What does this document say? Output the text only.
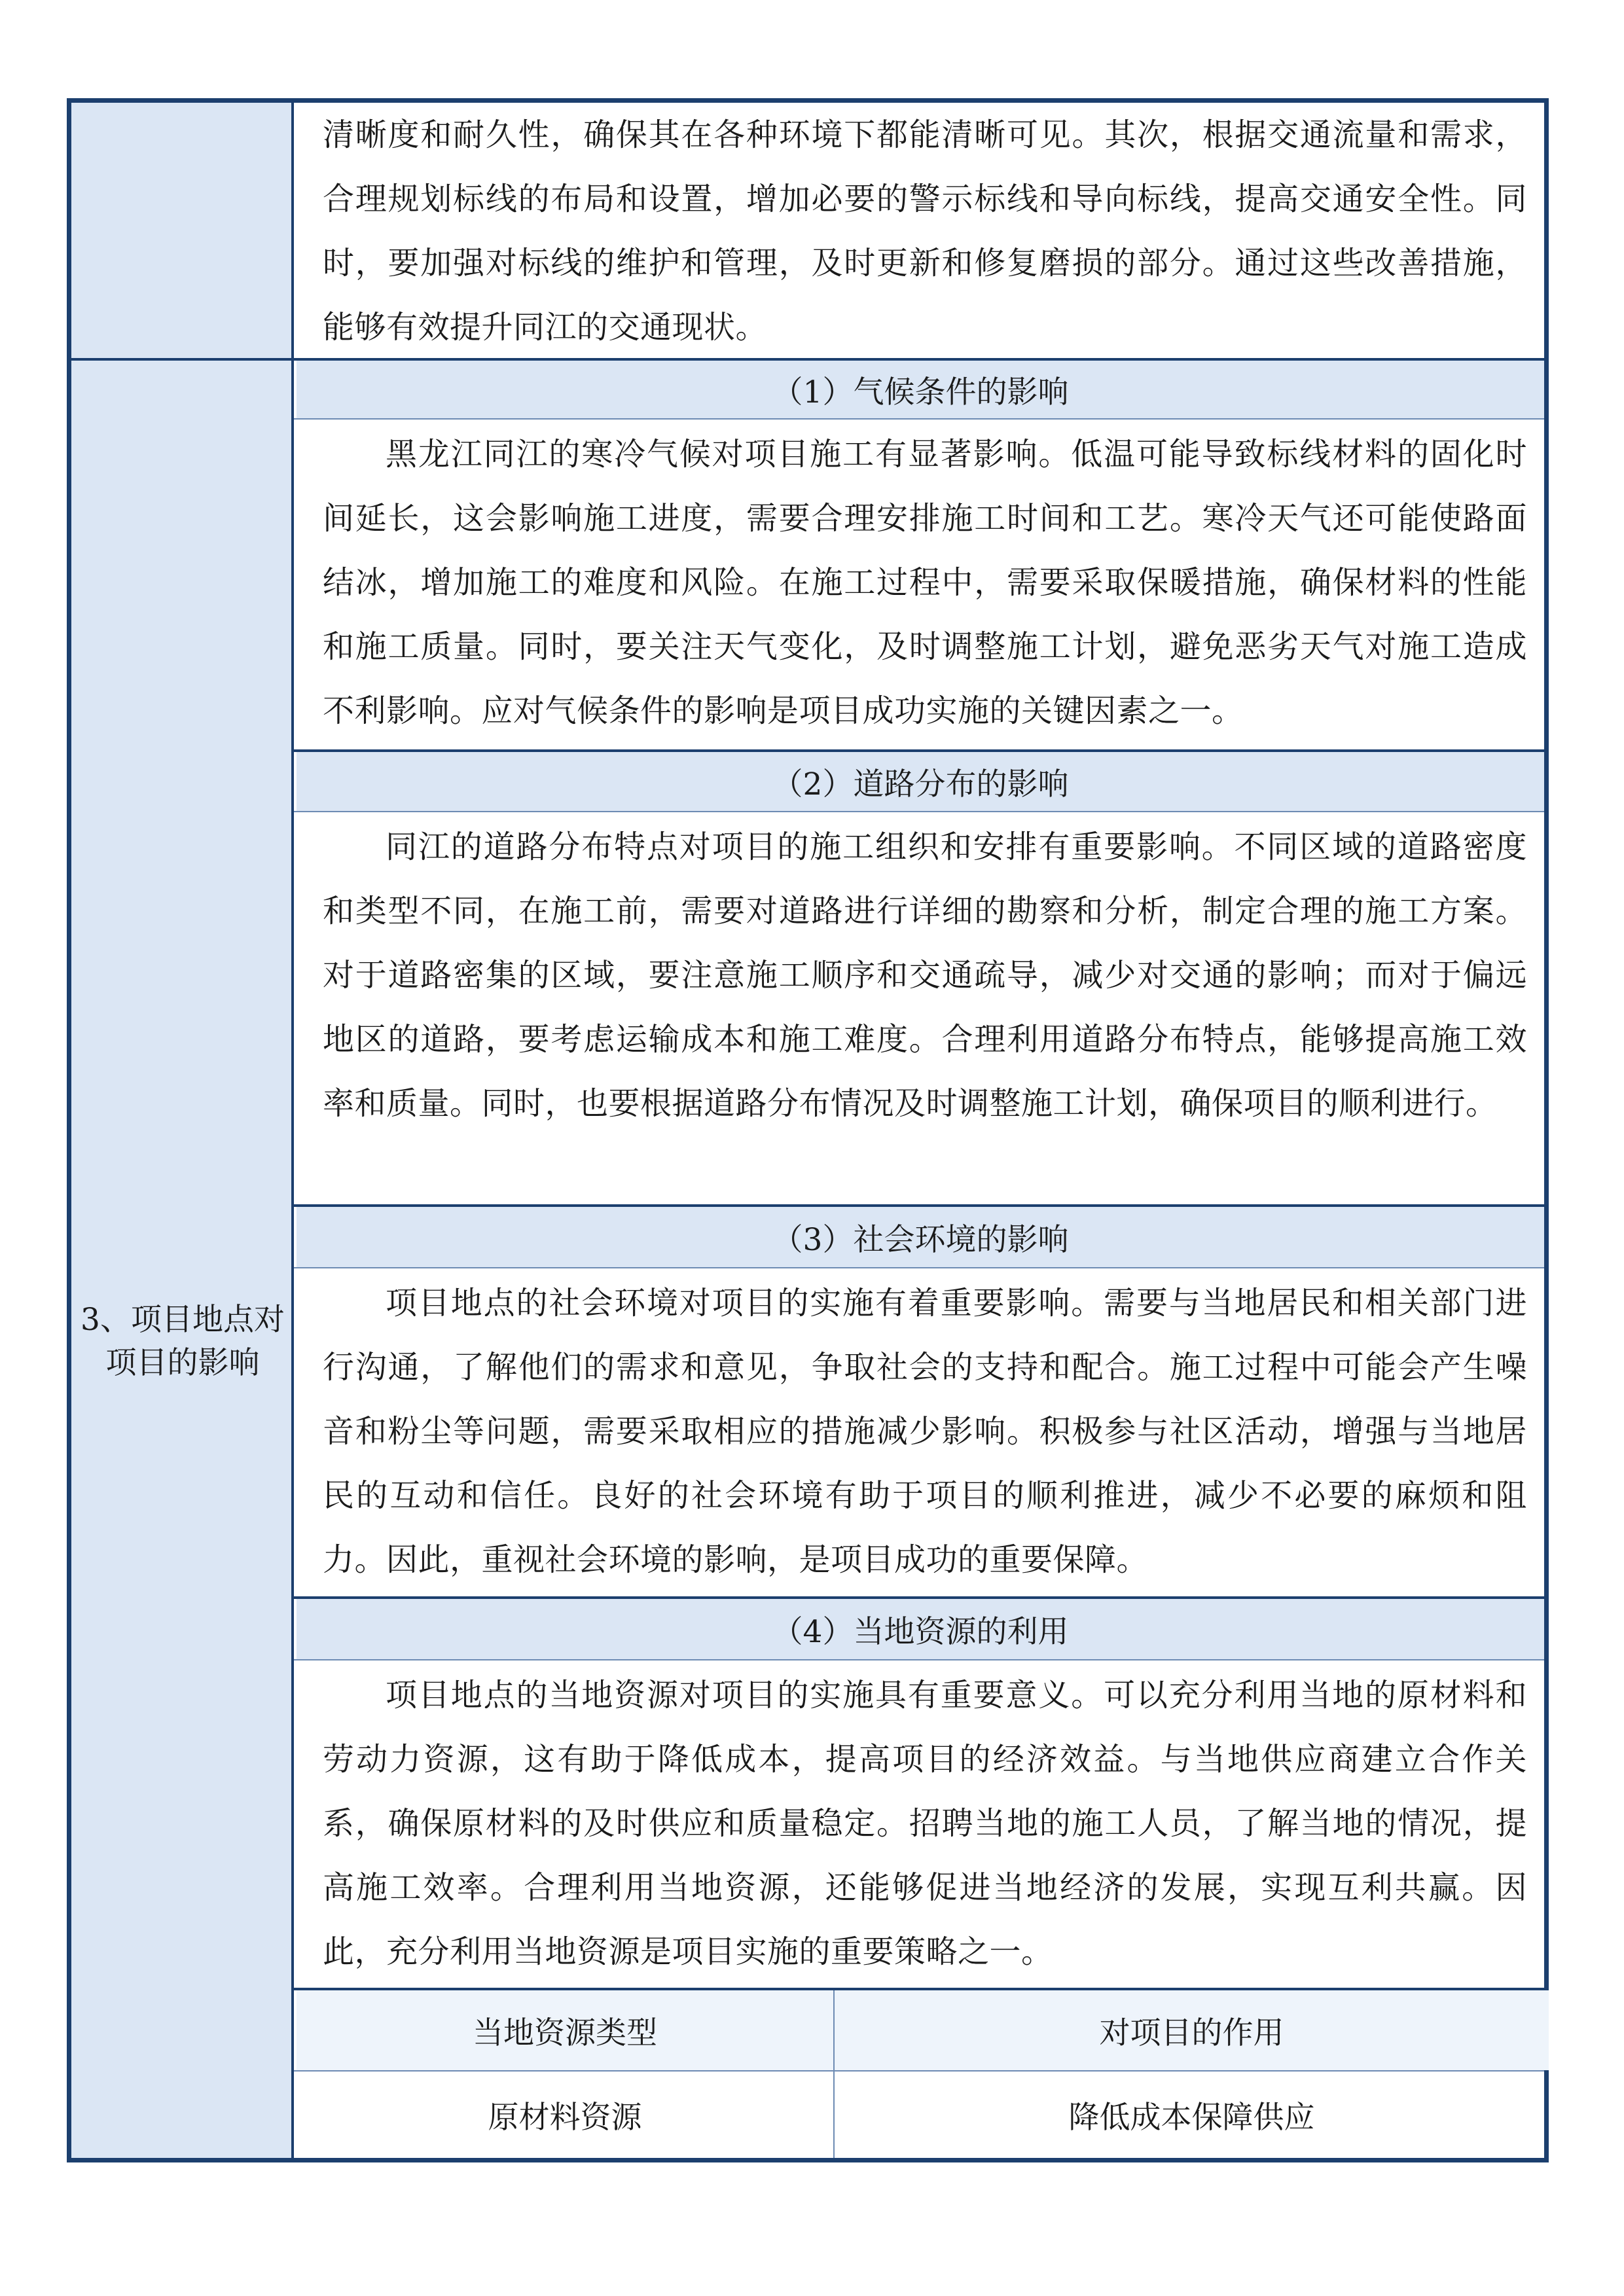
3、项目地点对项目的影响
清晰度和耐久性，确保其在各种环境下都能清晰可见。其次，根据交通流量和需求，合理规划标线的布局和设置，增加必要的警示标线和导向标线，提高交通安全性。同时，要加强对标线的维护和管理，及时更新和修复磨损的部分。通过这些改善措施，能够有效提升同江的交通现状。
（1）气候条件的影响
黑龙江同江的寒冷气候对项目施工有显著影响。低温可能导致标线材料的固化时间延长，这会影响施工进度，需要合理安排施工时间和工艺。寒冷天气还可能使路面结冰，增加施工的难度和风险。在施工过程中，需要采取保暖措施，确保材料的性能和施工质量。同时，要关注天气变化，及时调整施工计划，避免恶劣天气对施工造成不利影响。应对气候条件的影响是项目成功实施的关键因素之一。
（2）道路分布的影响
同江的道路分布特点对项目的施工组织和安排有重要影响。不同区域的道路密度和类型不同，在施工前，需要对道路进行详细的勘察和分析，制定合理的施工方案。对于道路密集的区域，要注意施工顺序和交通疏导，减少对交通的影响；而对于偏远地区的道路，要考虑运输成本和施工难度。合理利用道路分布特点，能够提高施工效率和质量。同时，也要根据道路分布情况及时调整施工计划，确保项目的顺利进行。
（3）社会环境的影响
项目地点的社会环境对项目的实施有着重要影响。需要与当地居民和相关部门进行沟通，了解他们的需求和意见，争取社会的支持和配合。施工过程中可能会产生噪音和粉尘等问题，需要采取相应的措施减少影响。积极参与社区活动，增强与当地居民的互动和信任。良好的社会环境有助于项目的顺利推进，减少不必要的麻烦和阻力。因此，重视社会环境的影响，是项目成功的重要保障。
（4）当地资源的利用
项目地点的当地资源对项目的实施具有重要意义。可以充分利用当地的原材料和劳动力资源，这有助于降低成本，提高项目的经济效益。与当地供应商建立合作关系，确保原材料的及时供应和质量稳定。招聘当地的施工人员，了解当地的情况，提高施工效率。合理利用当地资源，还能够促进当地经济的发展，实现互利共赢。因此，充分利用当地资源是项目实施的重要策略之一。
当地资源类型	对项目的作用
原材料资源	降低成本保障供应
